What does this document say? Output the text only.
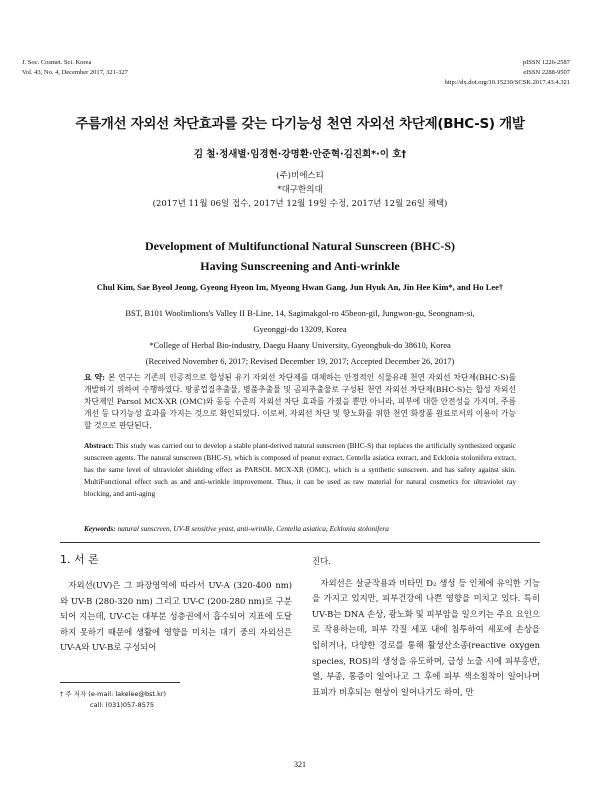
J. Soc. Cosmet. Sci. Korea
Vol. 43, No. 4, December 2017, 321-327
pISSN 1226-2587
eISSN 2288-9507
http://dx.doi.org/10.15230/SCSK.2017.43.4.321
주름개선 자외선 차단효과를 갖는 다기능성 천연 자외선 차단제(BHC-S) 개발
김 철·정새별·임경현·강명환·안준혁·김진희*·이 호†
(주)비에스티
*대구한의대
(2017년 11월 06일 접수, 2017년 12월 19일 수정, 2017년 12월 26일 채택)
Development of Multifunctional Natural Sunscreen (BHC-S)
Having Sunscreening and Anti-wrinkle
Chul Kim, Sae Byeol Jeong, Gyeong Hyeon Im, Myeong Hwan Gang, Jun Hyuk An, Jin Hee Kim*, and Ho Lee†
BST, B101 Woolimlions's Valley II B-Line, 14, Sagimakgol-ro 45beon-gil, Jungwon-gu, Seongnam-si,
Gyeonggi-do 13209, Korea
*College of Herbal Bio-industry, Daegu Haany University, Gyeongbuk-do 38610, Korea
(Received November 6, 2017; Revised December 19, 2017; Accepted December 26, 2017)
요 약: 본 연구는 기존의 인공적으로 합성된 유기 자외선 차단제를 대체하는 안정적인 식물유래 천연 자외선 차단제(BHC-S)를 개발하기 위하여 수행하였다. 땅콩껍질추출물, 병풀추출물 및 곰피추출물로 구성된 천연 자외선 차단제(BHC-S)는 합성 자외선 차단제인 Parsol MCX-XR (OMC)와 동등 수준의 자외선 차단 효과를 가졌을 뿐만 아니라, 피부에 대한 안전성을 가지며, 주름개선 등 다기능성 효과를 가지는 것으로 확인되었다. 이로써, 자외선 차단 및 항노화를 위한 천연 화장품 원료로서의 이용이 가능할 것으로 판단된다.
Abstract: This study was carried out to develop a stable plant-derived natural sunscreen (BHC-S) that replaces the artificially synthesized organic sunscreen agents. The natural sunscreen (BHC-S), which is composed of peanut extract, Centella asiatica extract, and Ecklonia stolonifera extract, has the same level of ultraviolet shielding effect as PARSOL MCX-XR (OMC), which is a synthetic sunscreen. and has safety against skin. MultiFunctional effect such as and anti-wrinkle improvement. Thus, it can be used as raw material for natural cosmetics for ultraviolet ray blocking, and anti-aging
Keywords: natural sunscreen, UV-B sensitive yeast, anti-wrinkle, Centella asiatica, Ecklonia stolonifera
1. 서 론

자외선(UV)은 그 파장영역에 따라서 UV-A (320-400 nm)와 UV-B (280-320 nm) 그리고 UV-C (200-280 nm)로 구분되어 지는데, UV-C는 대부분 성층권에서 흡수되어 지표에 도달하지 못하기 때문에 생활에 영향을 미치는 대기 중의 자외선은 UV-A와 UV-B로 구성되어

진다.

자외선은 살균작용과 비타민 D₂ 생성 등 인체에 유익한 기능을 가지고 있지만, 피부건강에 나쁜 영향을 미치고 있다. 특히 UV-B는 DNA 손상, 광노화 및 피부암을 일으키는 주요 요인으로 작용하는데, 피부 각질 세포 내에 침투하여 세포에 손상을 입히거나, 다양한 경로를 통해 활성산소종(reactive oxygen species, ROS)의 생성을 유도하며, 급성 노출 시에 피부홍반, 열, 부종, 통증이 일어나고 그 후에 피부 색소침착이 일어나며 표피가 비후되는 현상이 일어나기도 하여, 만

† 주 저자 (e-mail: lakelee@bst.kr)
call: (031)057-8575
321
